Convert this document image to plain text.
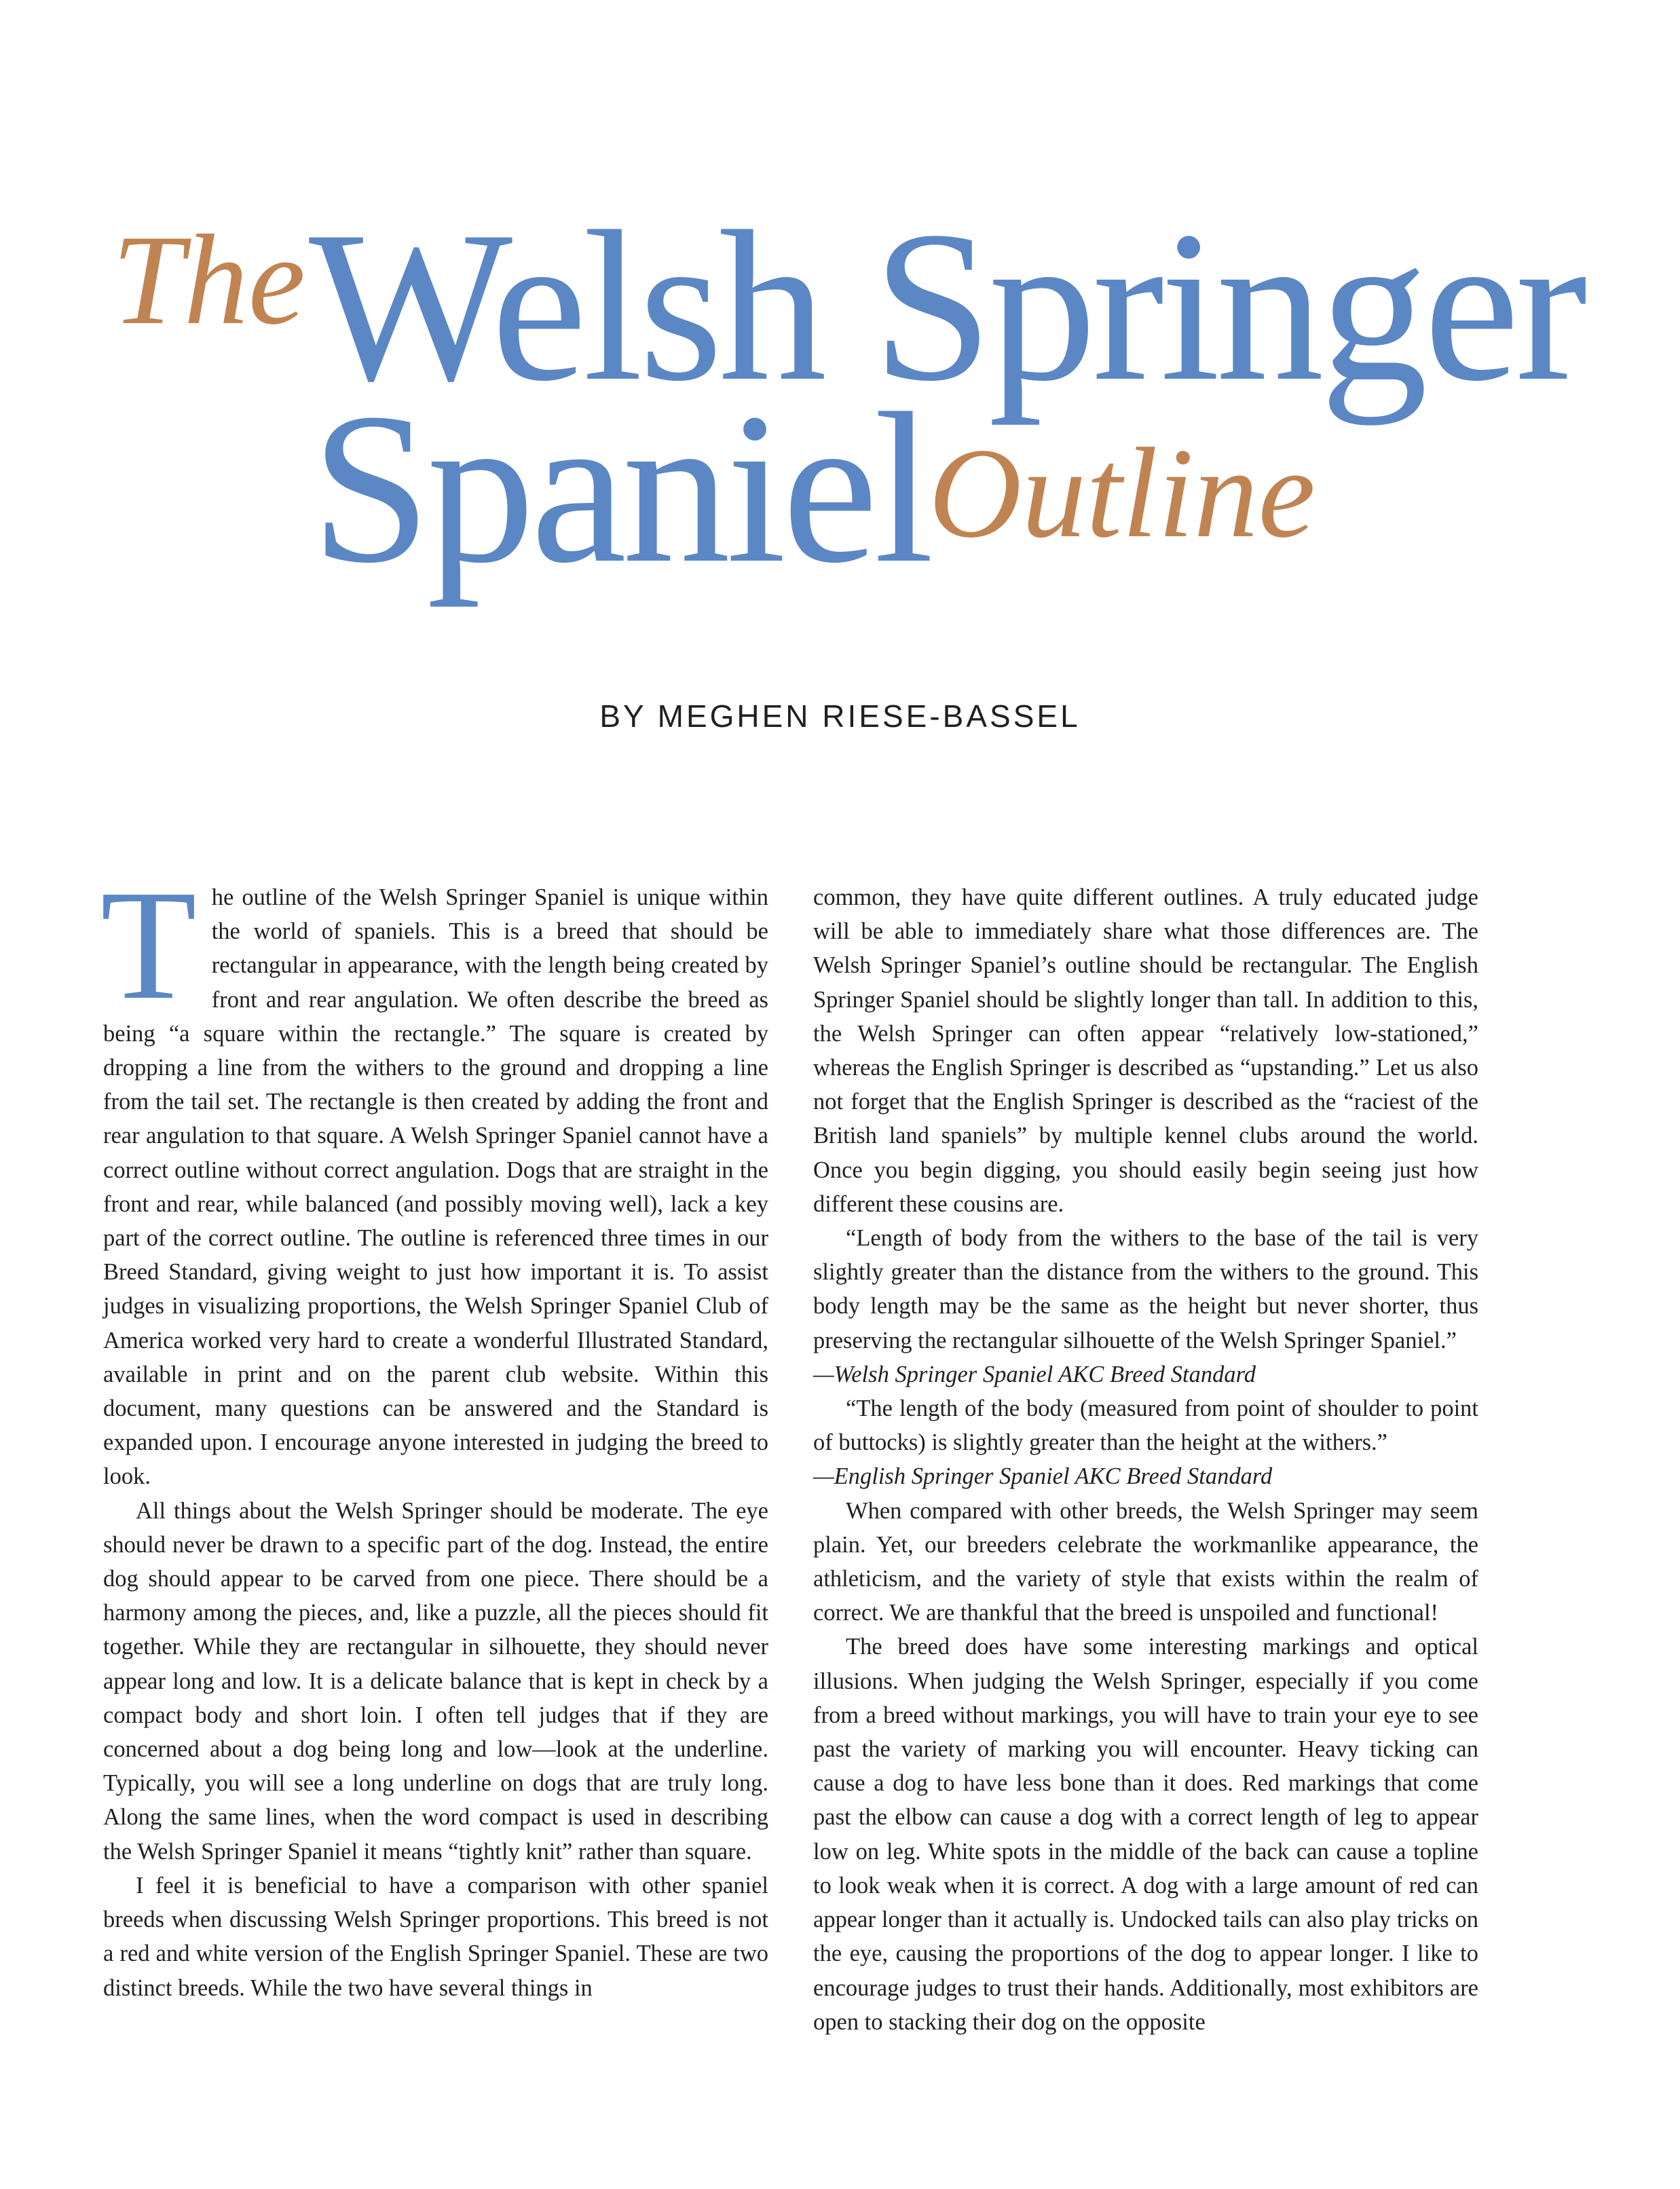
The Welsh Springer
Spaniel
Outline
BY MEGHEN RIESE-BASSEL

T he outline of the Welsh Springer Spaniel is unique within the world of spaniels. This is a breed that should be rectangular in appearance, with the length being created by front and rear angulation. We often describe the breed as being “a square within the rectangle.” The square is created by dropping a line from the withers to the ground and dropping a line from the tail set. The rectangle is then created by adding the front and rear angulation to that square. A Welsh Springer Spaniel cannot have a correct outline without correct angulation. Dogs that are straight in the front and rear, while balanced (and possibly moving well), lack a key part of the correct outline. The outline is referenced three times in our Breed Standard, giving weight to just how important it is. To assist judges in visualizing proportions, the Welsh Springer Spaniel Club of America worked very hard to create a wonderful Illustrated Standard, available in print and on the parent club website. Within this document, many questions can be answered and the Standard is expanded upon. I encourage anyone interested in judging the breed to look.

All things about the Welsh Springer should be moderate. The eye should never be drawn to a specific part of the dog. Instead, the entire dog should appear to be carved from one piece. There should be a harmony among the pieces, and, like a puzzle, all the pieces should fit together. While they are rectangular in silhouette, they should never appear long and low. It is a delicate balance that is kept in check by a compact body and short loin. I often tell judges that if they are concerned about a dog being long and low—look at the underline. Typically, you will see a long underline on dogs that are truly long. Along the same lines, when the word compact is used in describing the Welsh Springer Spaniel it means “tightly knit” rather than square.

I feel it is beneficial to have a comparison with other spaniel breeds when discussing Welsh Springer proportions. This breed is not a red and white version of the English Springer Spaniel. These are two distinct breeds. While the two have several things in

common, they have quite different outlines. A truly educated judge will be able to immediately share what those differences are. The Welsh Springer Spaniel’s outline should be rectangular. The English Springer Spaniel should be slightly longer than tall. In addition to this, the Welsh Springer can often appear “relatively low-stationed,” whereas the English Springer is described as “upstanding.” Let us also not forget that the English Springer is described as the “raciest of the British land spaniels” by multiple kennel clubs around the world. Once you begin digging, you should easily begin seeing just how different these cousins are.

“Length of body from the withers to the base of the tail is very slightly greater than the distance from the withers to the ground. This body length may be the same as the height but never shorter, thus preserving the rectangular silhouette of the Welsh Springer Spaniel.”

—Welsh Springer Spaniel AKC Breed Standard

“The length of the body (measured from point of shoulder to point of buttocks) is slightly greater than the height at the withers.”

—English Springer Spaniel AKC Breed Standard

When compared with other breeds, the Welsh Springer may seem plain. Yet, our breeders celebrate the workmanlike appearance, the athleticism, and the variety of style that exists within the realm of correct. We are thankful that the breed is unspoiled and functional!

The breed does have some interesting markings and optical illusions. When judging the Welsh Springer, especially if you come from a breed without markings, you will have to train your eye to see past the variety of marking you will encounter. Heavy ticking can cause a dog to have less bone than it does. Red markings that come past the elbow can cause a dog with a correct length of leg to appear low on leg. White spots in the middle of the back can cause a topline to look weak when it is correct. A dog with a large amount of red can appear longer than it actually is. Undocked tails can also play tricks on the eye, causing the proportions of the dog to appear longer. I like to encourage judges to trust their hands. Additionally, most exhibitors are open to stacking their dog on the opposite
